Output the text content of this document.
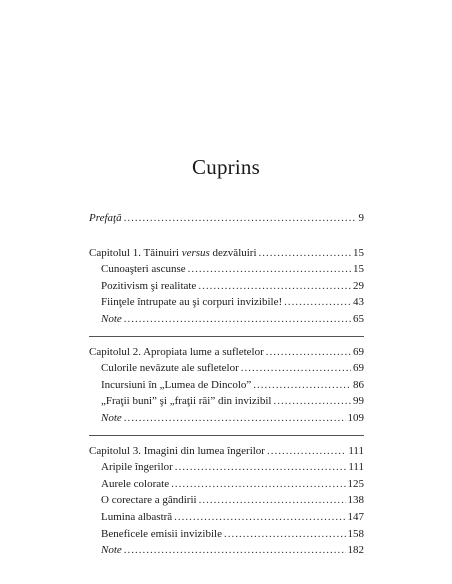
Cuprins
Prefaţă .....	9
Capitolul 1. Tăinuiri versus dezvăluiri .....	15
Cunoaşteri ascunse .....	15
Pozitivism şi realitate .....	29
Fiinţele întrupate au şi corpuri invizibile! .....	43
Note .....	65
Capitolul 2. Apropiata lume a sufletelor .....	69
Culorile nevăzute ale sufletelor .....	69
Incursiuni în „Lumea de Dincolo” .....	86
„Fraţii buni” şi „fraţii răi” din invizibil .....	99
Note .....	109
Capitolul 3. Imagini din lumea îngerilor .....	111
Aripile îngerilor .....	111
Aurele colorate .....	125
O corectare a gândirii .....	138
Lumina albastră .....	147
Beneficele emisii invizibile .....	158
Note .....	182
